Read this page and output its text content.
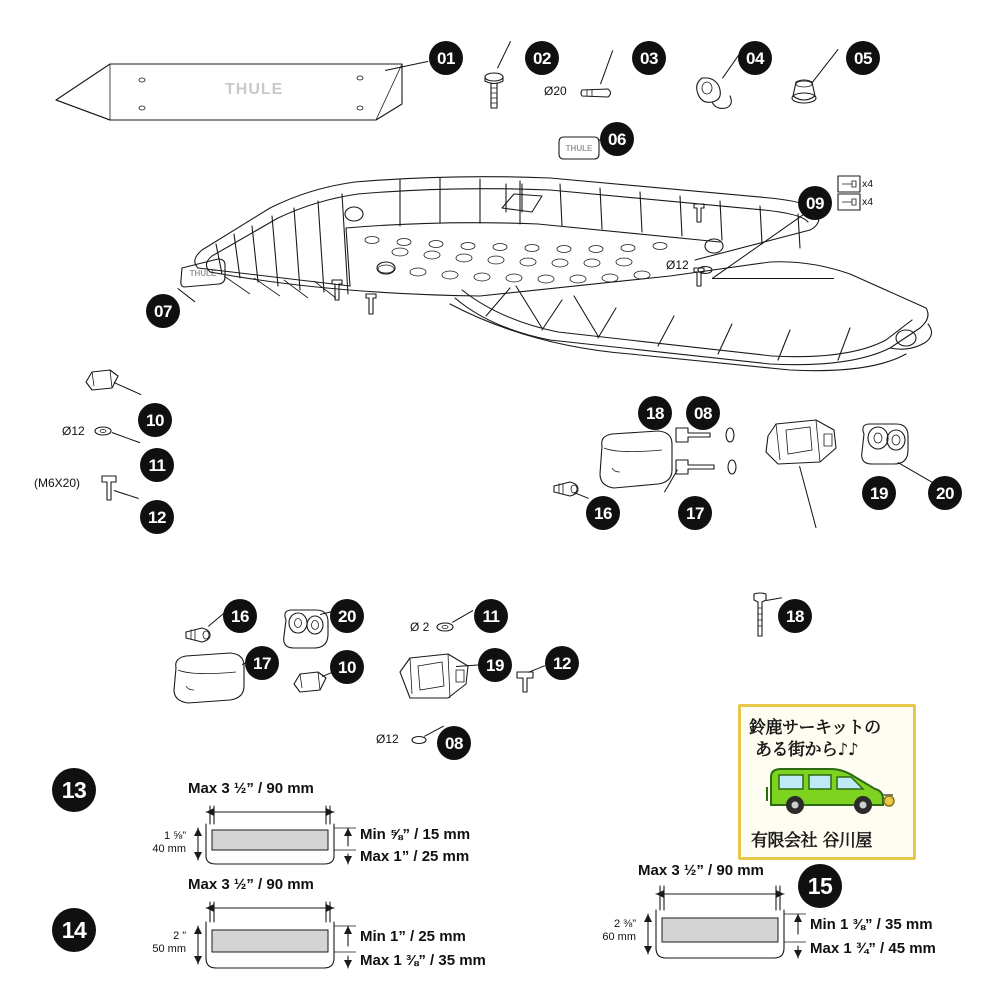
THULE	Ø20
THULE
THULE
x4
x4
Ø12
Ø12
(M6X20)
Ø 2
Ø12
Max 3 ½” / 90 mm
1 ⅝”
40 mm
Min ⅝” / 15 mm
Max 1” / 25 mm
Max 3 ½” / 90 mm
2 ”
50 mm
Min 1” / 25 mm
Max 1 ⅜” / 35 mm
Max 3 ½” / 90 mm
2 ⅜”
60 mm
Min 1 ⅜” / 35 mm
Max 1 ¾” / 45 mm
鈴鹿サーキットの
ある街から♪♪
有限会社 谷川屋
01	02	03	04	05
06
09
07
10
11
12
18	08
16	17
19	20
16	20	11	18
17	10	19	12
08
13
14
15
